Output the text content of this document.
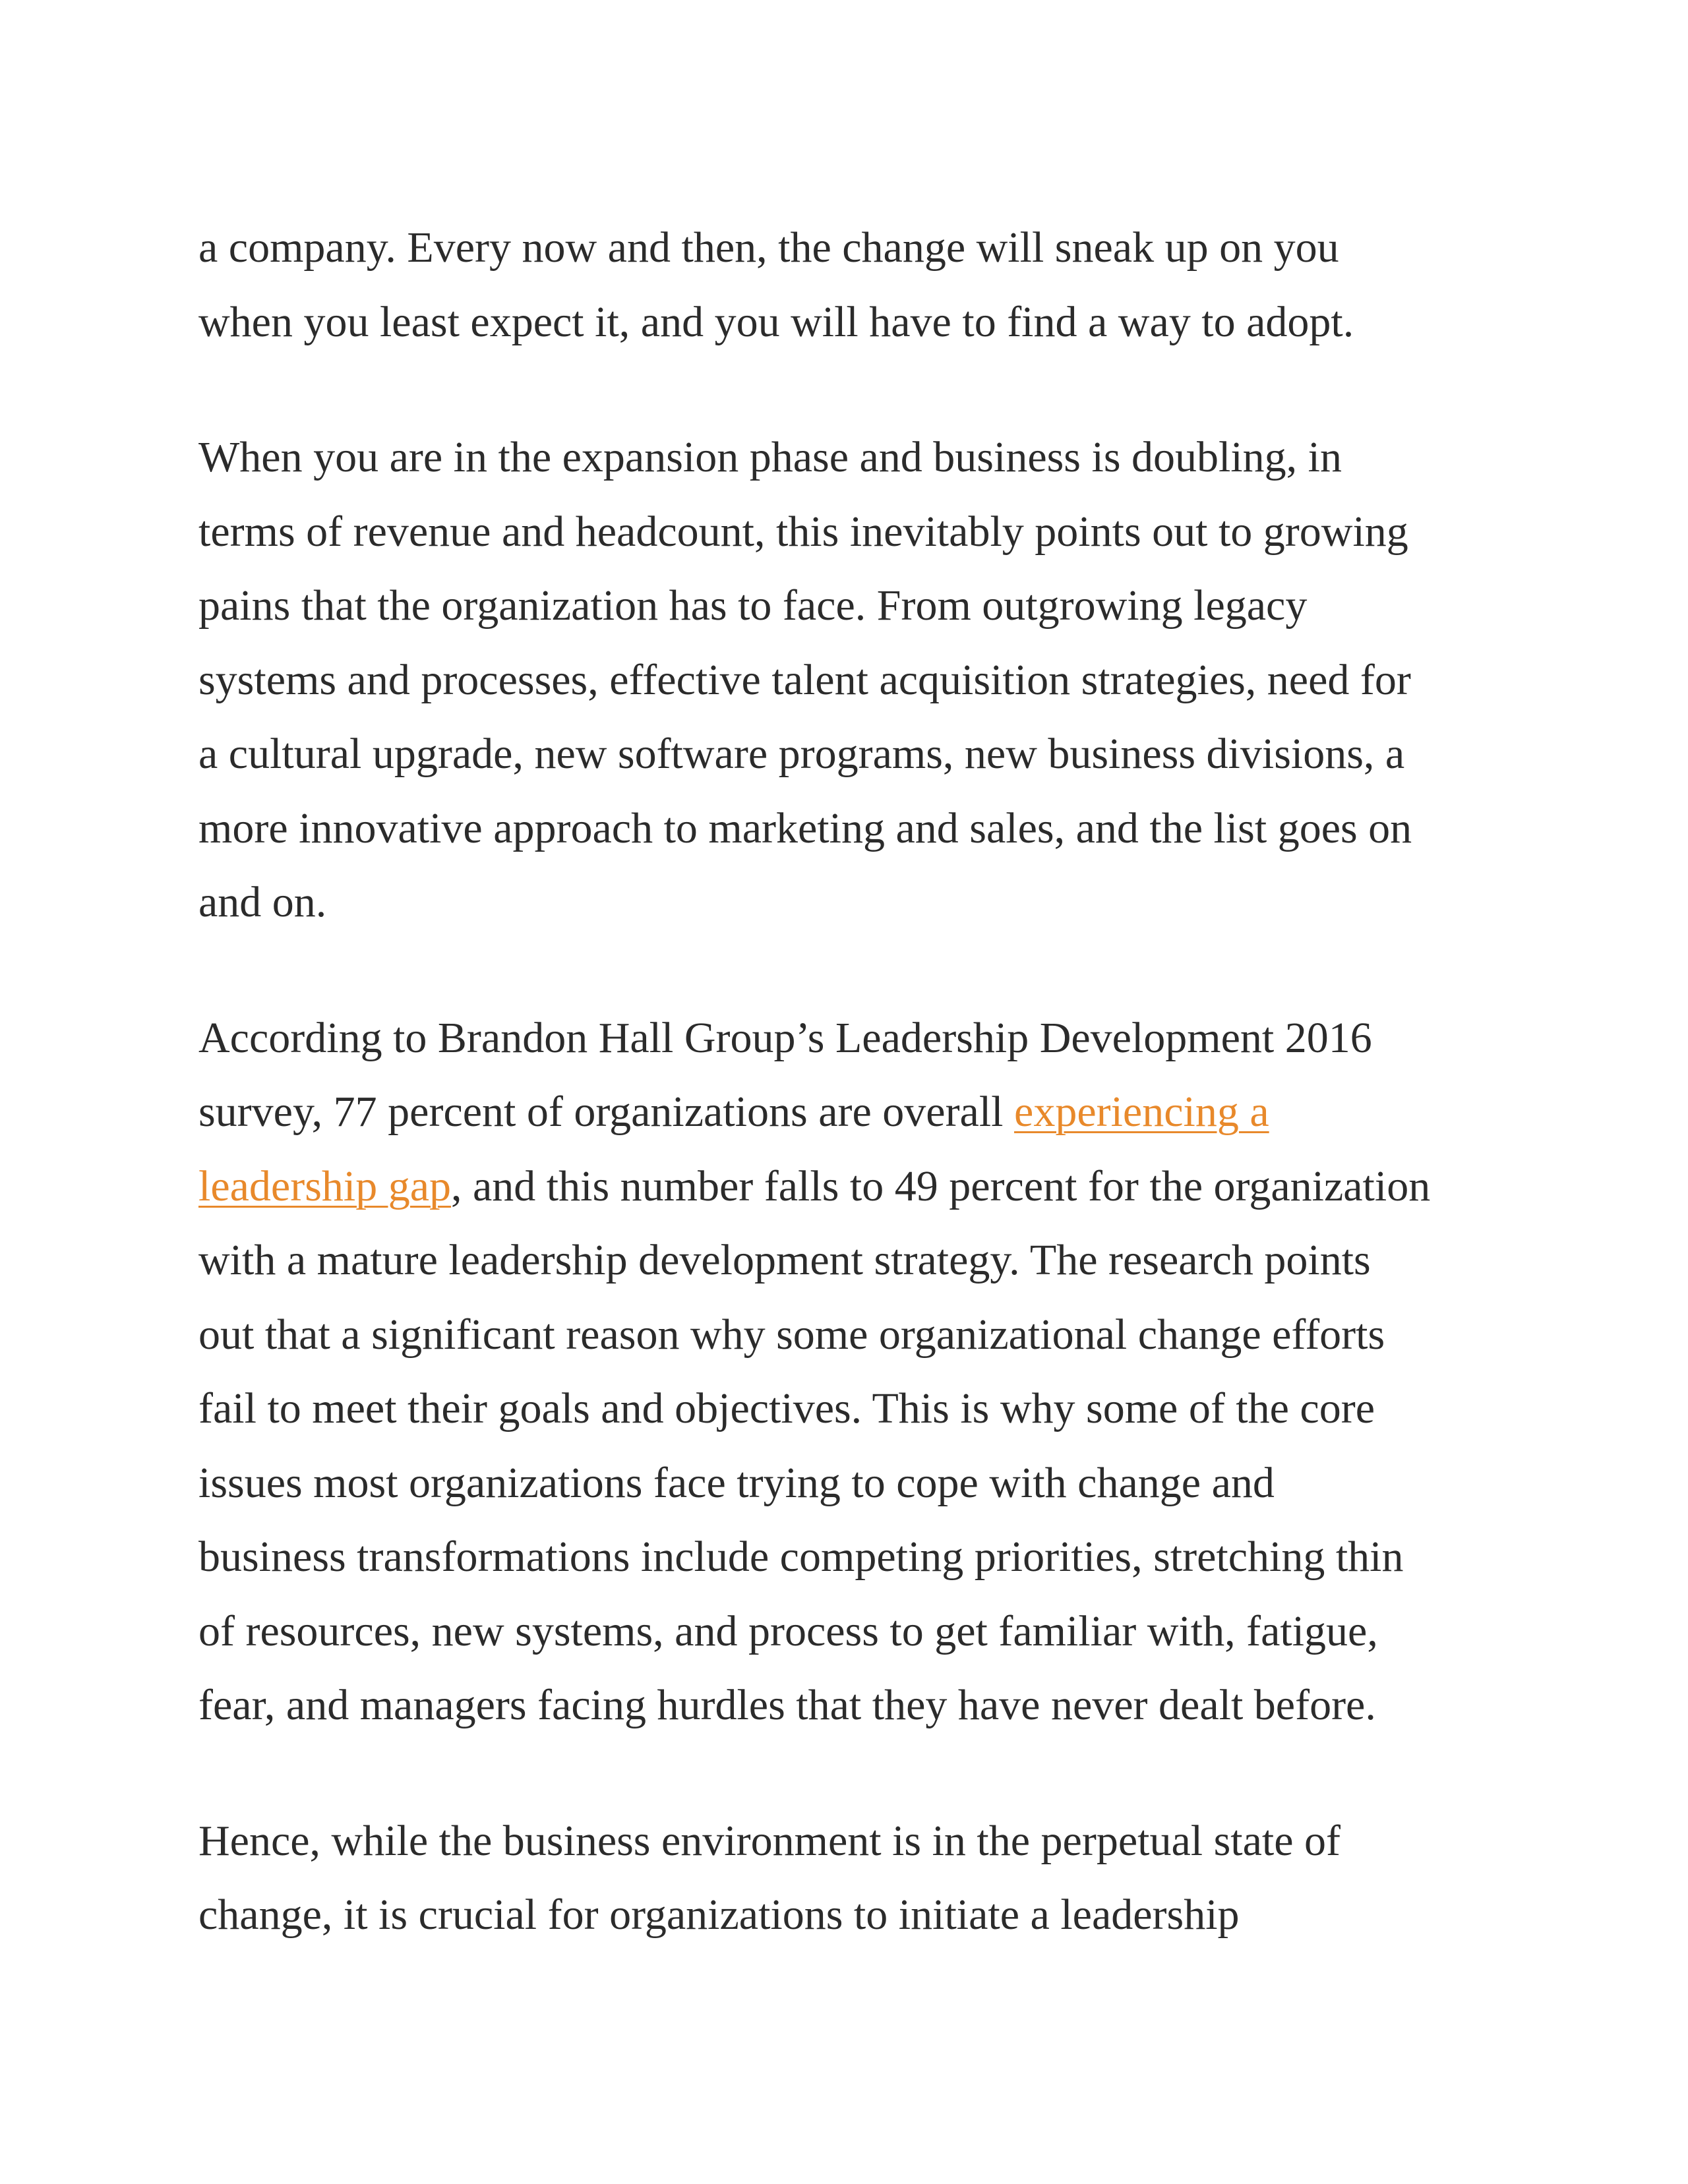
a company. Every now and then, the change will sneak up on you
when you least expect it, and you will have to find a way to adopt.

When you are in the expansion phase and business is doubling, in
terms of revenue and headcount, this inevitably points out to growing
pains that the organization has to face. From outgrowing legacy
systems and processes, effective talent acquisition strategies, need for
a cultural upgrade, new software programs, new business divisions, a
more innovative approach to marketing and sales, and the list goes on
and on.

According to Brandon Hall Group’s Leadership Development 2016
survey, 77 percent of organizations are overall experiencing a
leadership gap, and this number falls to 49 percent for the organization
with a mature leadership development strategy. The research points
out that a significant reason why some organizational change efforts
fail to meet their goals and objectives. This is why some of the core
issues most organizations face trying to cope with change and
business transformations include competing priorities, stretching thin
of resources, new systems, and process to get familiar with, fatigue,
fear, and managers facing hurdles that they have never dealt before.

Hence, while the business environment is in the perpetual state of
change, it is crucial for organizations to initiate a leadership
